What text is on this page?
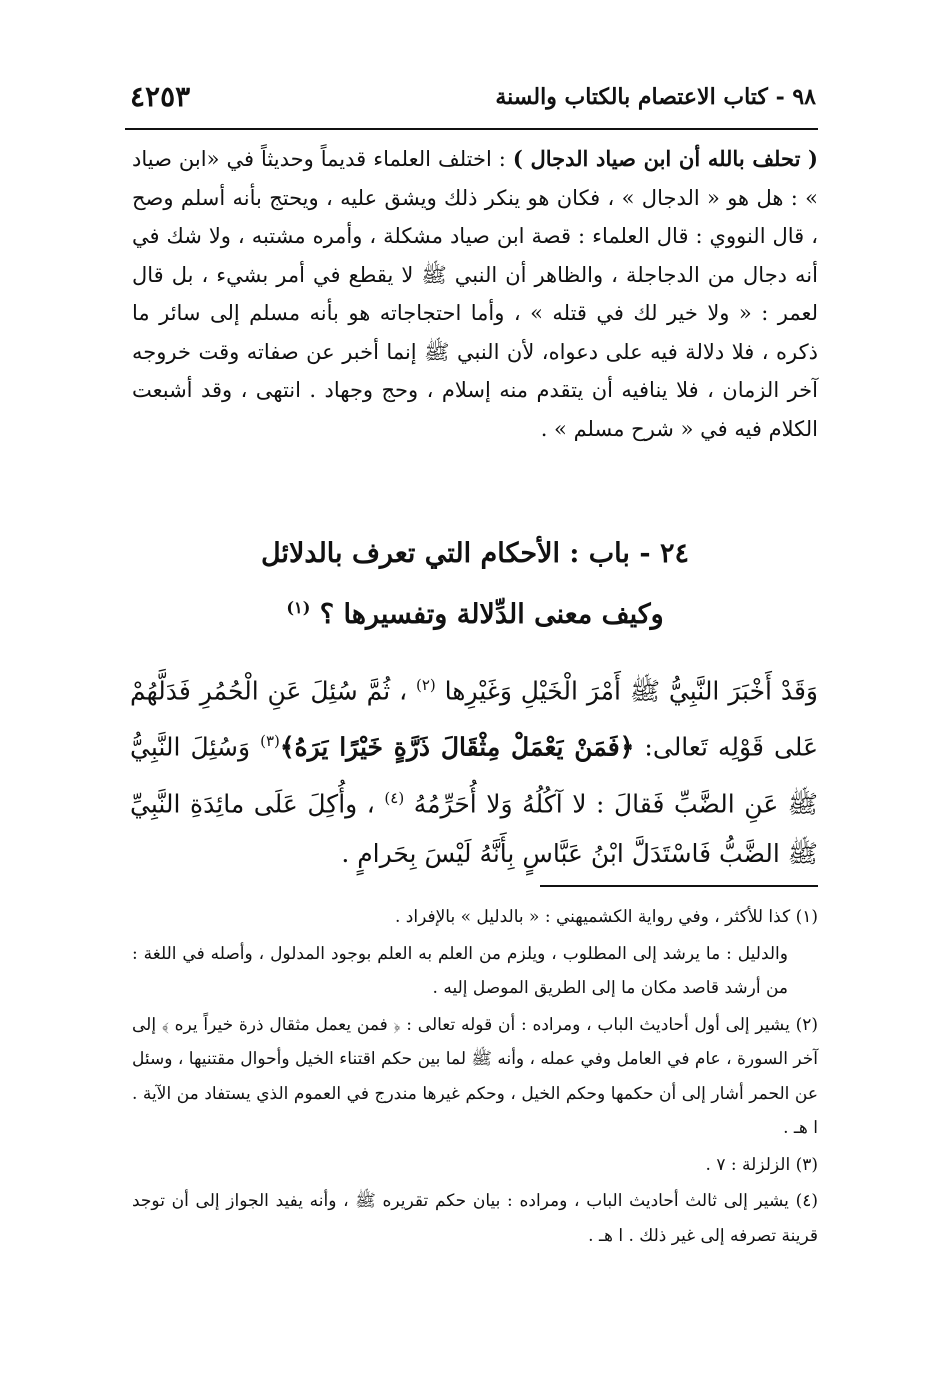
٩٨ - كتاب الاعتصام بالكتاب والسنة
٤٢٥٣

( تحلف بالله أن ابن صياد الدجال ) : اختلف العلماء قديماً وحديثاً في «ابن صياد » : هل هو « الدجال » ، فكان هو ينكر ذلك ويشق عليه ، ويحتج بأنه أسلم وصح ، قال النووي : قال العلماء : قصة ابن صياد مشكلة ، وأمره مشتبه ، ولا شك في أنه دجال من الدجاجلة ، والظاهر أن النبي ﷺ لا يقطع في أمر بشيء ، بل قال لعمر : « ولا خير لك في قتله » ، وأما احتجاجاته هو بأنه مسلم إلى سائر ما ذكره ، فلا دلالة فيه على دعواه، لأن النبي ﷺ إنما أخبر عن صفاته وقت خروجه آخر الزمان ، فلا ينافيه أن يتقدم منه إسلام ، وحج وجهاد . انتهى ، وقد أشبعت الكلام فيه في « شرح مسلم » .

٢٤ - باب : الأحكام التي تعرف بالدلائل
وكيف معنى الدِّلالة وتفسيرها ؟ $^{(١)}$

وَقَدْ أَخْبَرَ النَّبِيُّ ﷺ أَمْرَ الْخَيْلِ وَغَيْرِها $^{(٢)}$ ، ثُمَّ سُئِلَ عَنِ الْحُمُرِ فَدَلَّهُمْ عَلى قَوْلِه تَعالى: ﴿فَمَنْ يَعْمَلْ مِثْقَالَ ذَرَّةٍ خَيْرًا يَرَهُ﴾$^{(٣)}$ وَسُئِلَ النَّبِيُّ ﷺ عَنِ الضَّبِّ فَقالَ : لا آكُلُهُ وَلا أُحَرِّمُهُ $^{(٤)}$ ، وأُكِلَ عَلَى مائِدَةِ النَّبِيِّ ﷺ الضَّبُّ فَاسْتَدَلَّ ابْنُ عَبَّاسٍ بِأَنَّهُ لَيْسَ بِحَرامٍ .

(١) كذا للأكثر ، وفي رواية الكشميهني : « بالدليل » بالإفراد .

والدليل : ما يرشد إلى المطلوب ، ويلزم من العلم به العلم بوجود المدلول ، وأصله في اللغة : من أرشد قاصد مكان ما إلى الطريق الموصل إليه .

(٢) يشير إلى أول أحاديث الباب ، ومراده : أن قوله تعالى : ﴿ فمن يعمل مثقال ذرة خيراً يره ﴾ إلى آخر السورة ، عام في العامل وفي عمله ، وأنه ﷺ لما بين حكم اقتناء الخيل وأحوال مقتنيها ، وسئل عن الحمر أشار إلى أن حكمها وحكم الخيل ، وحكم غيرها مندرج في العموم الذي يستفاد من الآية . ا هـ .

(٣) الزلزلة : ٧ .

(٤) يشير إلى ثالث أحاديث الباب ، ومراده : بيان حكم تقريره ﷺ ، وأنه يفيد الجواز إلى أن توجد قرينة تصرفه إلى غير ذلك . ا هـ .
